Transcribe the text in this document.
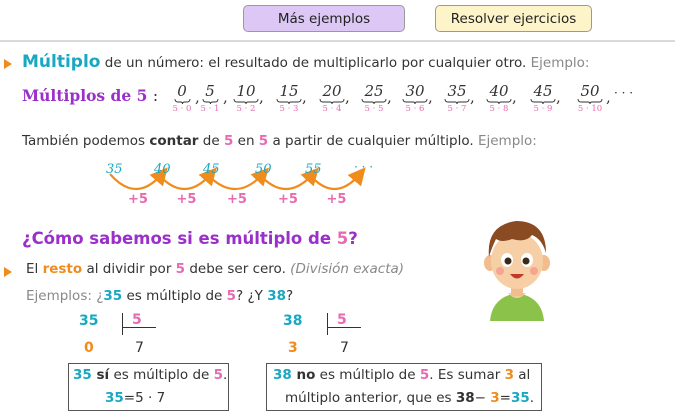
Más ejemplos	Resolver ejercicios
Múltiplo de un número: el resultado de multiplicarlo por cualquier otro. Ejemplo:
Múltiplos de 5 :	0
5 · 0
, 5
5 · 1
, 10
5 · 2
, 15
5 · 3
, 20
5 · 4
, 25
5 · 5
, 30
5 · 6
, 35
5 · 7
, 40
5 · 8
, 45
5 · 9
,	50
5 · 10
, · · ·
También podemos contar de 5 en 5 a partir de cualquier múltiplo. Ejemplo:
35 40 45	50	55	· · ·
+5 +5 +5 +5 +5
¿Cómo sabemos si es múltiplo de 5?
El resto al dividir por 5 debe ser cero. (División exacta)
Ejemplos: ¿35 es múltiplo de 5? ¿Y 38?
35 5
0	7
38 5
3	7
35 sí es múltiplo de 5.
35=5 · 7
38 no es múltiplo de 5. Es sumar 3 al
múltiplo anterior, que es 38− 3=35.
